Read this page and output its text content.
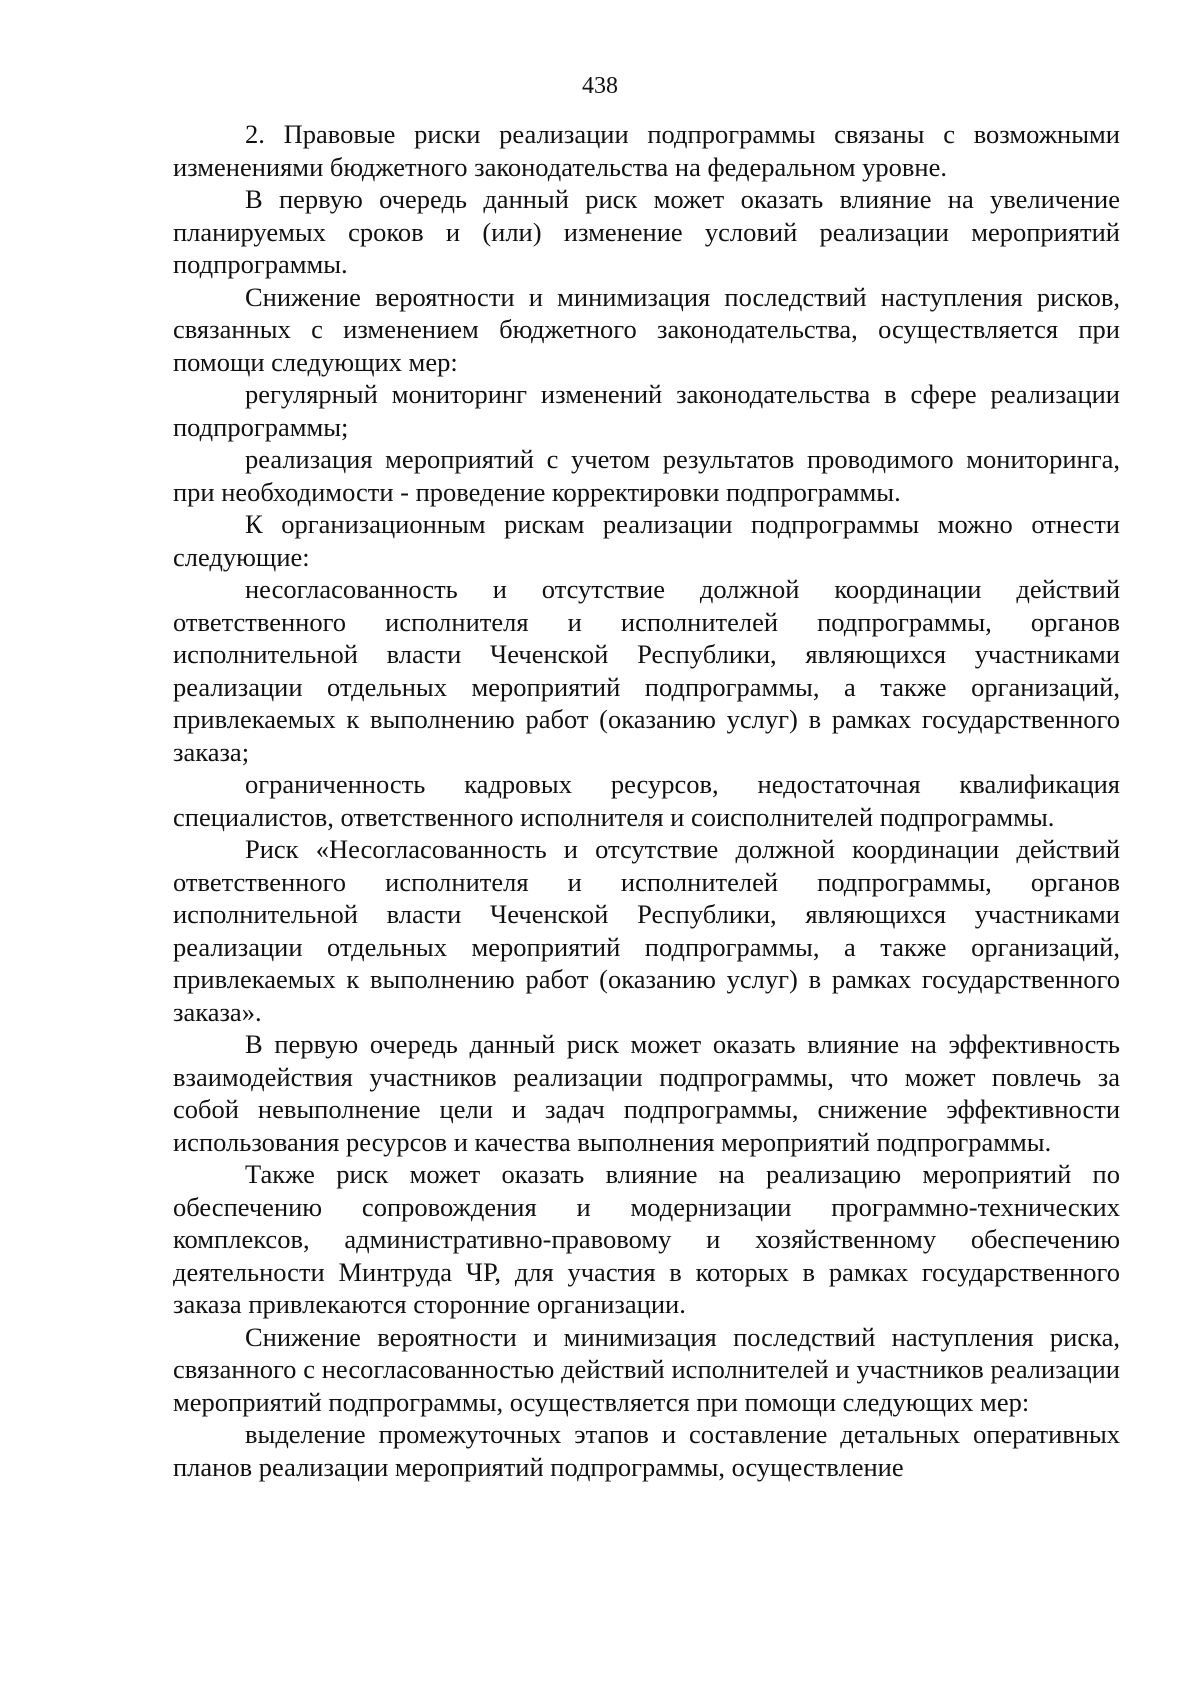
438

2. Правовые риски реализации подпрограммы связаны с возможными изменениями бюджетного законодательства на федеральном уровне.

В первую очередь данный риск может оказать влияние на увеличение планируемых сроков и (или) изменение условий реализации мероприятий подпрограммы.

Снижение вероятности и минимизация последствий наступления рисков, связанных с изменением бюджетного законодательства, осуществляется при помощи следующих мер:

регулярный мониторинг изменений законодательства в сфере реализации подпрограммы;

реализация мероприятий с учетом результатов проводимого мониторинга, при необходимости - проведение корректировки подпрограммы.

К организационным рискам реализации подпрограммы можно отнести следующие:

несогласованность и отсутствие должной координации действий ответственного исполнителя и исполнителей подпрограммы, органов исполнительной власти Чеченской Республики, являющихся участниками реализации отдельных мероприятий подпрограммы, а также организаций, привлекаемых к выполнению работ (оказанию услуг) в рамках государственного заказа;

ограниченность кадровых ресурсов, недостаточная квалификация специалистов, ответственного исполнителя и соисполнителей подпрограммы.

Риск «Несогласованность и отсутствие должной координации действий ответственного исполнителя и исполнителей подпрограммы, органов исполнительной власти Чеченской Республики, являющихся участниками реализации отдельных мероприятий подпрограммы, а также организаций, привлекаемых к выполнению работ (оказанию услуг) в рамках государственного заказа».

В первую очередь данный риск может оказать влияние на эффективность взаимодействия участников реализации подпрограммы, что может повлечь за собой невыполнение цели и задач подпрограммы, снижение эффективности использования ресурсов и качества выполнения мероприятий подпрограммы.

Также риск может оказать влияние на реализацию мероприятий по обеспечению сопровождения и модернизации программно-технических комплексов, административно-правовому и хозяйственному обеспечению деятельности Минтруда ЧР, для участия в которых в рамках государственного заказа привлекаются сторонние организации.

Снижение вероятности и минимизация последствий наступления риска, связанного с несогласованностью действий исполнителей и участников реализации мероприятий подпрограммы, осуществляется при помощи следующих мер:

выделение промежуточных этапов и составление детальных оперативных планов реализации мероприятий подпрограммы, осуществление
